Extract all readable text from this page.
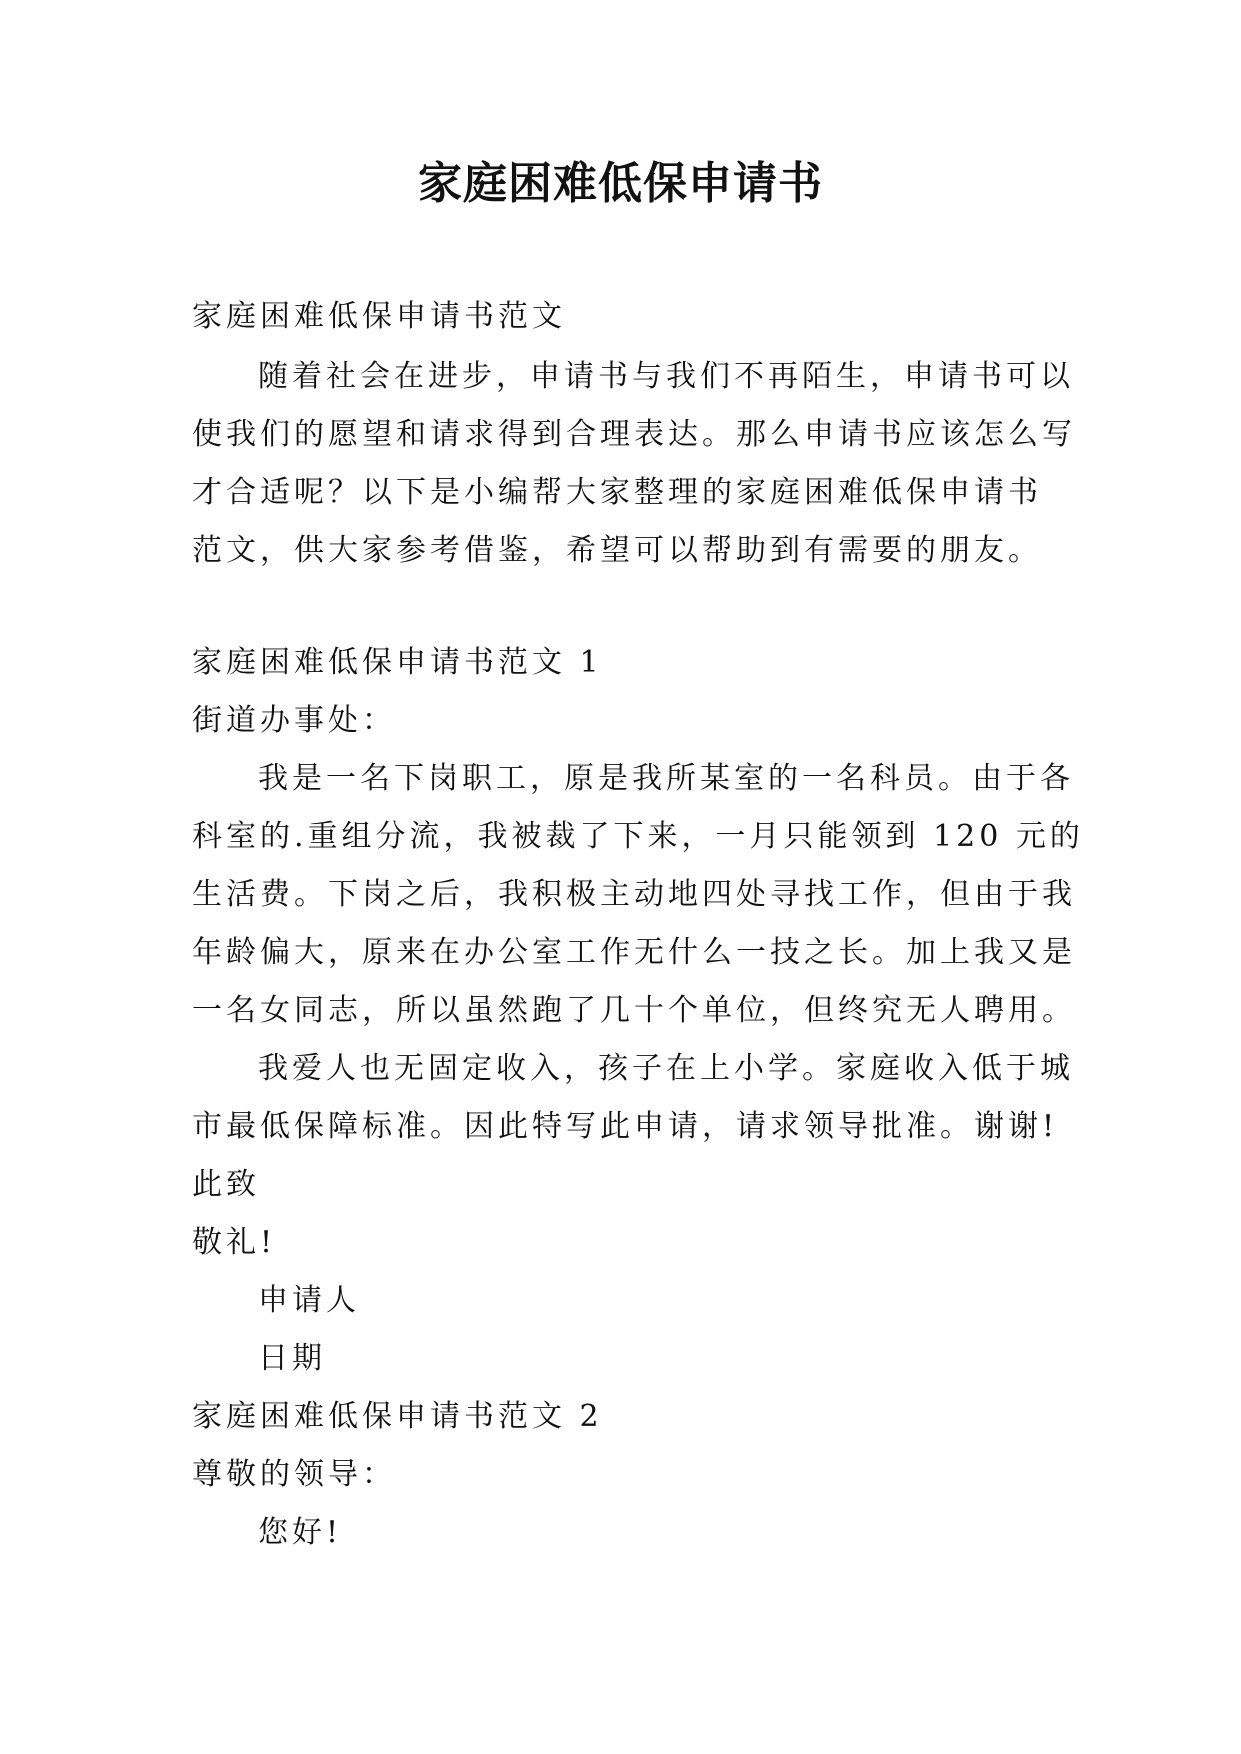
家庭困难低保申请书
家庭困难低保申请书范文
随着社会在进步，申请书与我们不再陌生，申请书可以
使我们的愿望和请求得到合理表达。那么申请书应该怎么写
才合适呢？以下是小编帮大家整理的家庭困难低保申请书
范文，供大家参考借鉴，希望可以帮助到有需要的朋友。
家庭困难低保申请书范文 1
街道办事处：
我是一名下岗职工，原是我所某室的一名科员。由于各
科室的.重组分流，我被裁了下来，一月只能领到 120 元的
生活费。下岗之后，我积极主动地四处寻找工作，但由于我
年龄偏大，原来在办公室工作无什么一技之长。加上我又是
一名女同志，所以虽然跑了几十个单位，但终究无人聘用。
我爱人也无固定收入，孩子在上小学。家庭收入低于城
市最低保障标准。因此特写此申请，请求领导批准。谢谢!
此致
敬礼!
申请人
日期
家庭困难低保申请书范文 2
尊敬的领导：
您好!
